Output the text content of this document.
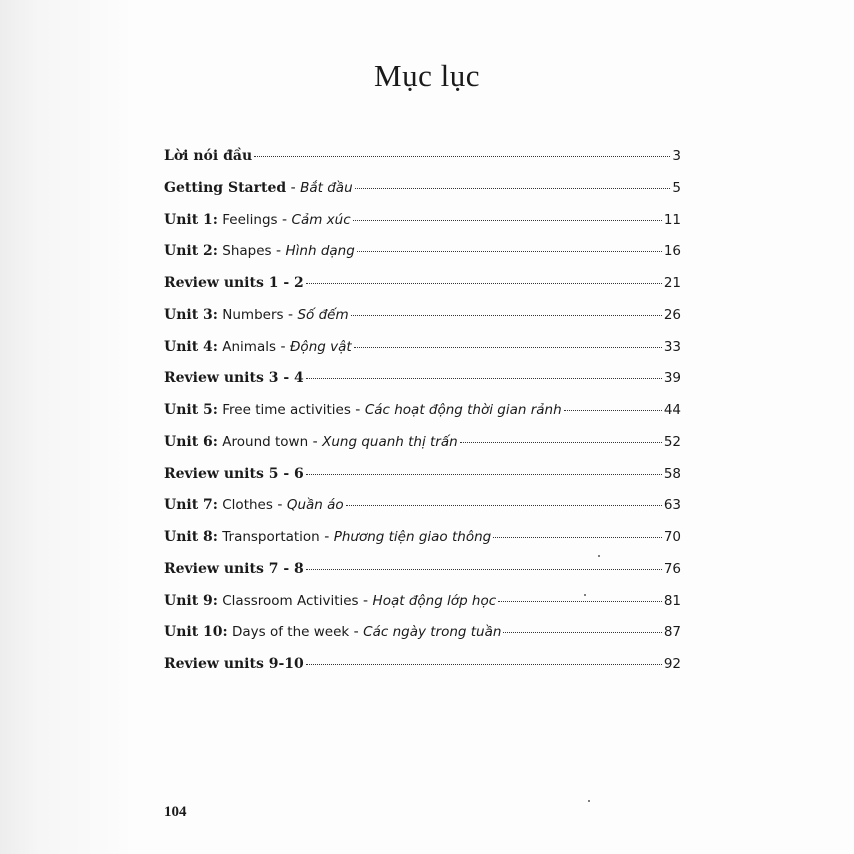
Mục lục
Lời nói đầu	3
Getting Started - Bắt đầu	5
Unit 1: Feelings - Cảm xúc	11
Unit 2: Shapes - Hình dạng	16
Review units 1 - 2	21
Unit 3: Numbers - Số đếm	26
Unit 4: Animals - Động vật	33
Review units 3 - 4	39
Unit 5: Free time activities - Các hoạt động thời gian rảnh	44
Unit 6: Around town - Xung quanh thị trấn	52
Review units 5 - 6	58
Unit 7: Clothes - Quần áo	63
Unit 8: Transportation - Phương tiện giao thông	70
Review units 7 - 8	76
Unit 9: Classroom Activities - Hoạt động lớp học	81
Unit 10: Days of the week - Các ngày trong tuần	87
Review units 9-10	92
104
